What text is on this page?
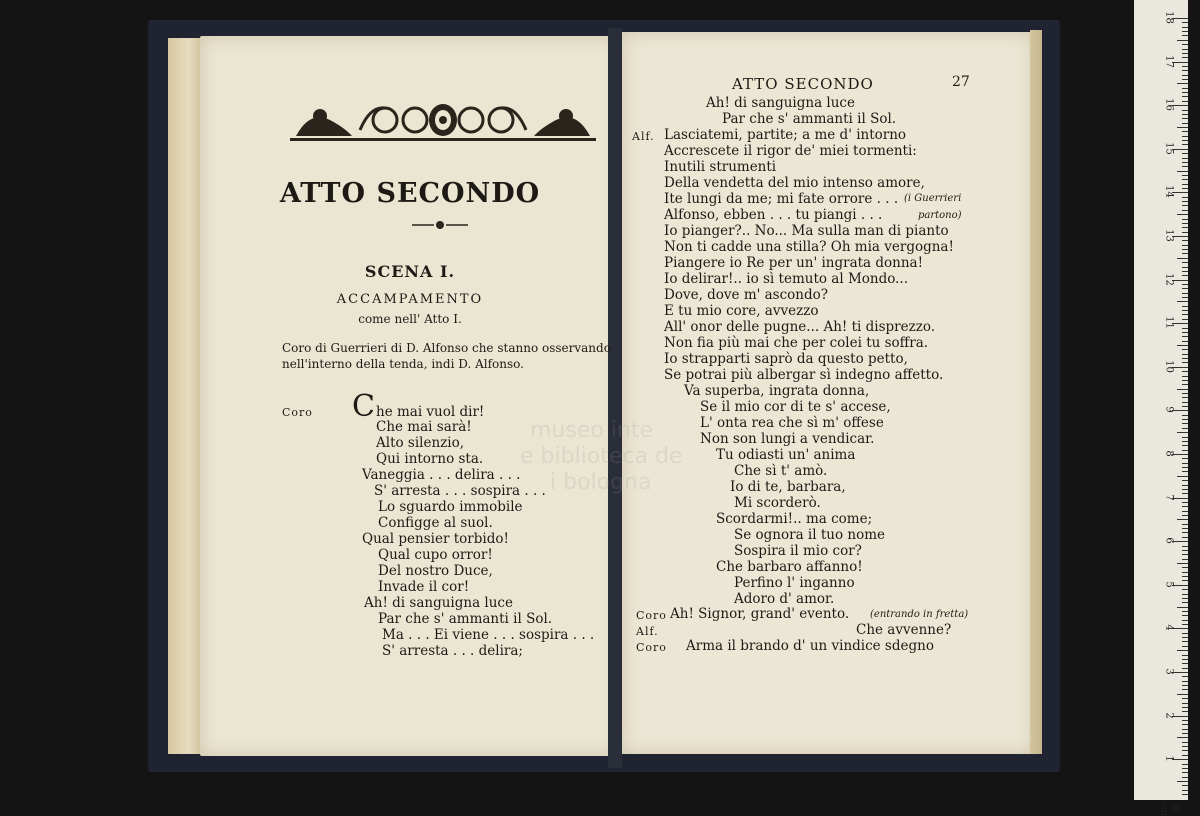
ATTO SECONDO
SCENA I.
ACCAMPAMENTO
come nell' Atto I.
Coro di Guerrieri di D. Alfonso che stanno osservando
nell'interno della tenda, indi D. Alfonso.
Coro C he mai vuol dir!
Che mai sarà!
Alto silenzio,
Qui intorno sta.
Vaneggia . . . delira . . .
S' arresta . . . sospira . . .
Lo sguardo immobile
Configge al suol.
Qual pensier torbido!
Qual cupo orror!
Del nostro Duce,
Invade il cor!
Ah! di sanguigna luce
Par che s' ammanti il Sol.
Ma . . . Ei viene . . . sospira . . .
S' arresta . . . delira;
ATTO SECONDO	27
Ah! di sanguigna luce
Par che s' ammanti il Sol.
Alf. Lasciatemi, partite; a me d' intorno
Accrescete il rigor de' miei tormenti:
Inutili strumenti
Della vendetta del mio intenso amore,
Ite lungi da me; mi fate orrore . . . (i Guerrieri
Alfonso, ebben . . . tu piangi . . .	partono)
Io pianger?.. No... Ma sulla man di pianto
Non ti cadde una stilla? Oh mia vergogna!
Piangere io Re per un' ingrata donna!
Io delirar!.. io sì temuto al Mondo...
Dove, dove m' ascondo?
E tu mio core, avvezzo
All' onor delle pugne... Ah! ti disprezzo.
Non fia più mai che per colei tu soffra.
Io strapparti saprò da questo petto,
Se potrai più albergar sì indegno affetto.
Va superba, ingrata donna,
Se il mio cor di te s' accese,
L' onta rea che sì m' offese
Non son lungi a vendicar.
Tu odiasti un' anima
Che sì t' amò.
Io di te, barbara,
Mi scorderò.
Scordarmi!.. ma come;
Se ognora il tuo nome
Sospira il mio cor?
Che barbaro affanno!
Perfino l' inganno
Adoro d' amor.
Coro Ah! Signor, grand' evento. (entrando in fretta)
Alf.	Che avvenne?
Coro Arma il brando d' un vindice sdegno
museo inte
e biblioteca de
i bologna
18
17
16
15
14
13
12
11
10
9
8
7
6
5
4
3
2
1
0 cm
